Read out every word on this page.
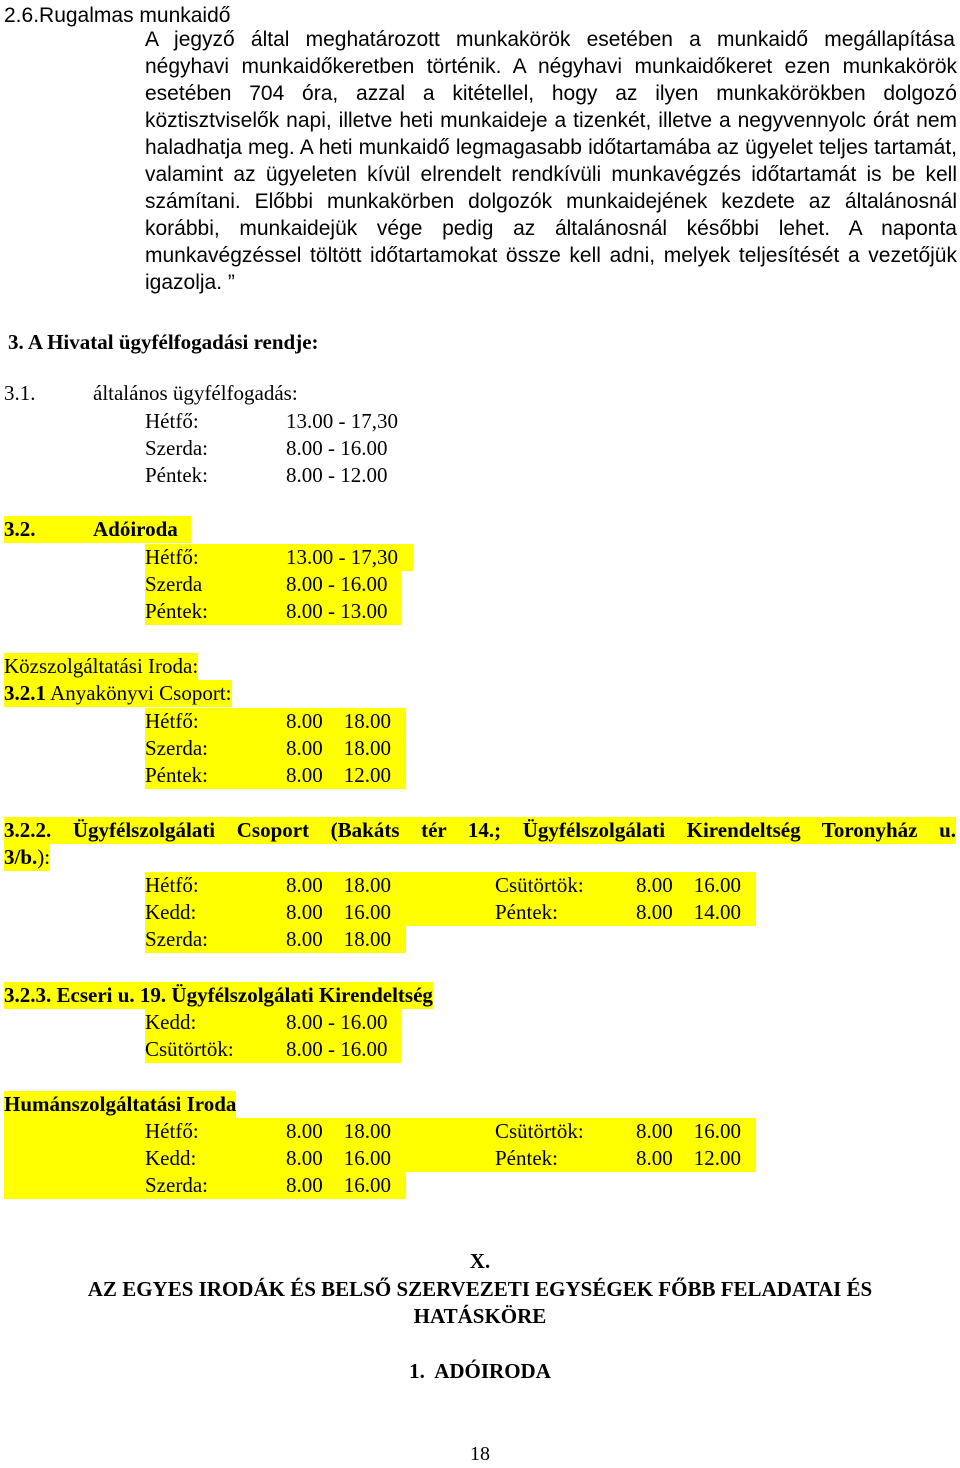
2.6.Rugalmas munkaidő
A jegyző által meghatározott munkakörök esetében a munkaidő megállapítása
négyhavi munkaidőkeretben történik. A négyhavi munkaidőkeret ezen munkakörök esetében 704 óra, azzal a kitétellel, hogy az ilyen munkakörökben dolgozó köztisztviselők napi, illetve heti munkaideje a tizenkét, illetve a negyvennyolc órát nem haladhatja meg. A heti munkaidő legmagasabb időtartamába az ügyelet teljes tartamát, valamint az ügyeleten kívül elrendelt rendkívüli munkavégzés időtartamát is be kell számítani. Előbbi munkakörben dolgozók munkaidejének kezdete az általánosnál korábbi, munkaidejük vége pedig az általánosnál későbbi lehet. A naponta munkavégzéssel töltött időtartamokat össze kell adni, melyek teljesítését a vezetőjük igazolja. ”
3. A Hivatal ügyfélfogadási rendje:
3.1.	általános ügyfélfogadás:
Hétfő:	13.00 - 17,30
Szerda:	8.00 - 16.00
Péntek:	8.00 - 12.00
3.2.	Adóiroda
Hétfő:	13.00 - 17,30
Szerda	8.00 - 16.00
Péntek:	8.00 - 13.00
Közszolgáltatási Iroda:
3.2.1 Anyakönyvi Csoport:
Hétfő:	8.00    18.00
Szerda:	8.00    18.00
Péntek:	8.00    12.00
3.2.2. Ügyfélszolgálati Csoport (Bakáts tér 14.; Ügyfélszolgálati Kirendeltség Toronyház u.
3/b.):
Hétfő:	8.00    18.00	Csütörtök: 8.00    16.00
Kedd:	8.00    16.00	Péntek:	8.00    14.00
Szerda:	8.00    18.00
3.2.3. Ecseri u. 19. Ügyfélszolgálati Kirendeltség
Kedd:	8.00 - 16.00
Csütörtök: 8.00 - 16.00
Humánszolgáltatási Iroda
Hétfő:	8.00    18.00	Csütörtök: 8.00    16.00
Kedd:	8.00    16.00	Péntek:	8.00    12.00
Szerda:	8.00    16.00
X.
AZ EGYES IRODÁK ÉS BELSŐ SZERVEZETI EGYSÉGEK FŐBB FELADATAI ÉS
HATÁSKÖRE
1.  ADÓIRODA
18
